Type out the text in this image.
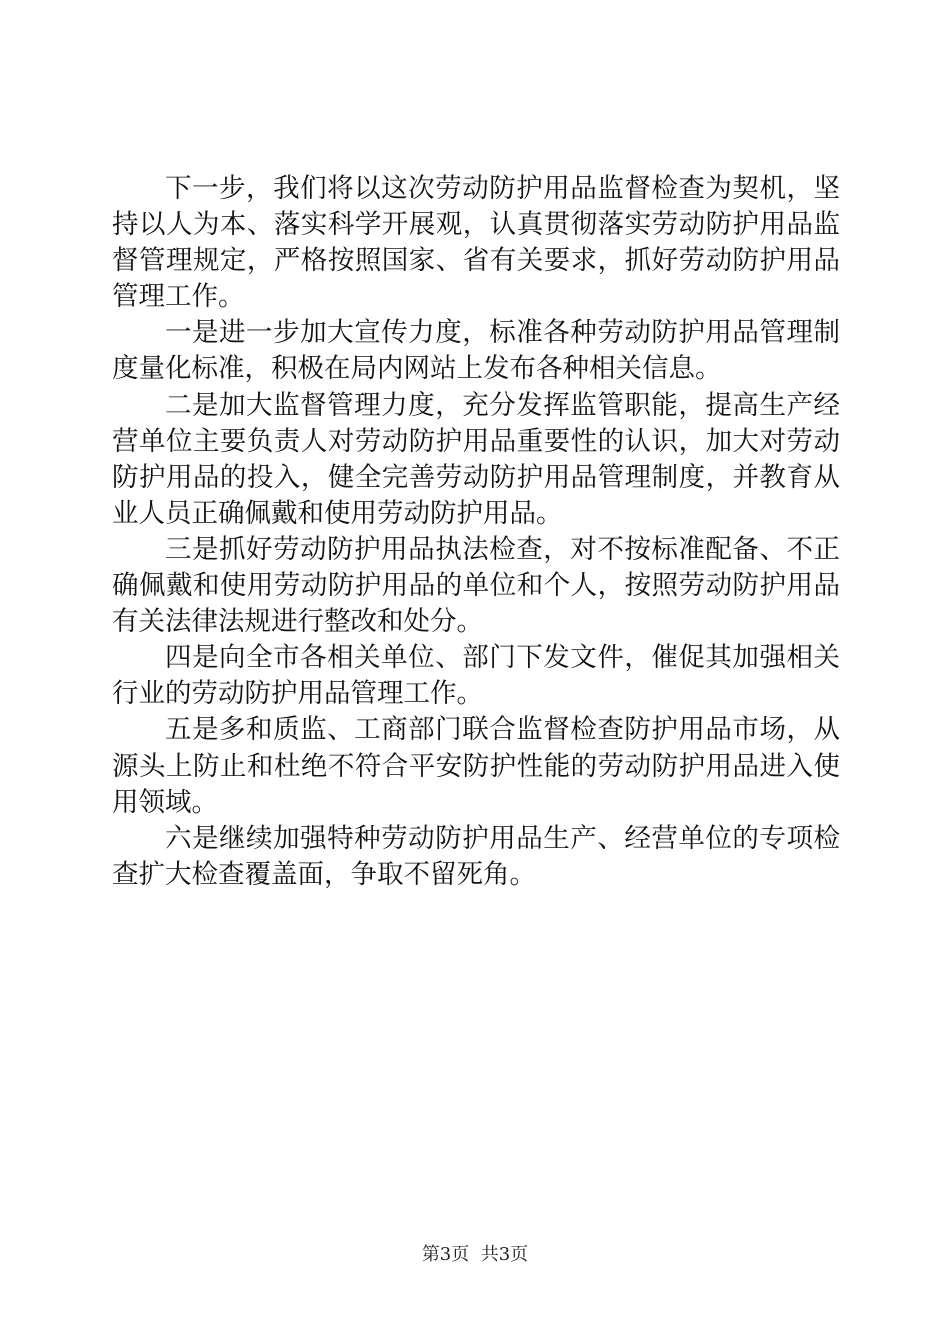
下一步，我们将以这次劳动防护用品监督检查为契机，坚持以人为本、落实科学开展观，认真贯彻落实劳动防护用品监督管理规定，严格按照国家、省有关要求，抓好劳动防护用品管理工作。

一是进一步加大宣传力度，标准各种劳动防护用品管理制度量化标准，积极在局内网站上发布各种相关信息。

二是加大监督管理力度，充分发挥监管职能，提高生产经营单位主要负责人对劳动防护用品重要性的认识，加大对劳动防护用品的投入，健全完善劳动防护用品管理制度，并教育从业人员正确佩戴和使用劳动防护用品。

三是抓好劳动防护用品执法检查，对不按标准配备、不正确佩戴和使用劳动防护用品的单位和个人，按照劳动防护用品有关法律法规进行整改和处分。

四是向全市各相关单位、部门下发文件，催促其加强相关行业的劳动防护用品管理工作。

五是多和质监、工商部门联合监督检查防护用品市场，从源头上防止和杜绝不符合平安防护性能的劳动防护用品进入使用领域。

六是继续加强特种劳动防护用品生产、经营单位的专项检查扩大检查覆盖面，争取不留死角。

第3页  共3页
